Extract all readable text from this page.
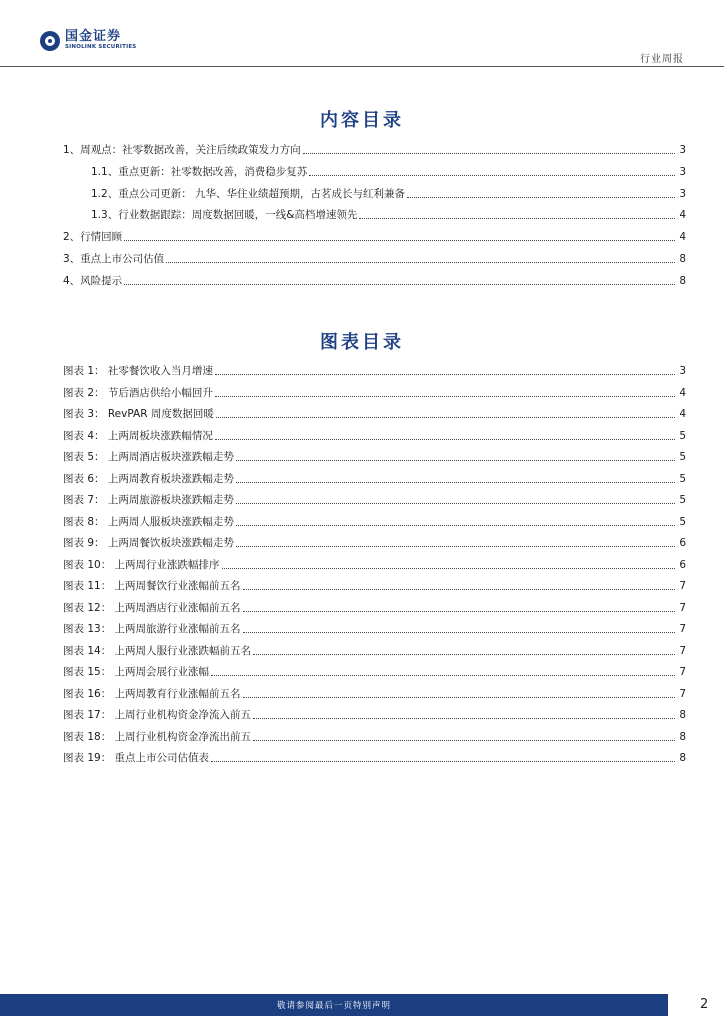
国金证券
SINOLINK SECURITIES
行业周报
内容目录
1、周观点：社零数据改善，关注后续政策发力方向	3
1.1、重点更新：社零数据改善，消费稳步复苏	3
1.2、重点公司更新： 九华、华住业绩超预期，古茗成长与红利兼备	3
1.3、行业数据跟踪：周度数据回暖，一线&高档增速领先	4
2、行情回顾	4
3、重点上市公司估值	8
4、风险提示	8
图表目录
图表 1： 社零餐饮收入当月增速	3
图表 2： 节后酒店供给小幅回升	4
图表 3： RevPAR 周度数据回暖	4
图表 4： 上两周板块涨跌幅情况	5
图表 5： 上两周酒店板块涨跌幅走势	5
图表 6： 上两周教育板块涨跌幅走势	5
图表 7： 上两周旅游板块涨跌幅走势	5
图表 8： 上两周人服板块涨跌幅走势	5
图表 9： 上两周餐饮板块涨跌幅走势	6
图表 10： 上两周行业涨跌幅排序	6
图表 11： 上两周餐饮行业涨幅前五名	7
图表 12： 上两周酒店行业涨幅前五名	7
图表 13： 上两周旅游行业涨幅前五名	7
图表 14： 上两周人服行业涨跌幅前五名	7
图表 15： 上两周会展行业涨幅	7
图表 16： 上两周教育行业涨幅前五名	7
图表 17： 上周行业机构资金净流入前五	8
图表 18： 上周行业机构资金净流出前五	8
图表 19： 重点上市公司估值表	8
敬请参阅最后一页特别声明	2
